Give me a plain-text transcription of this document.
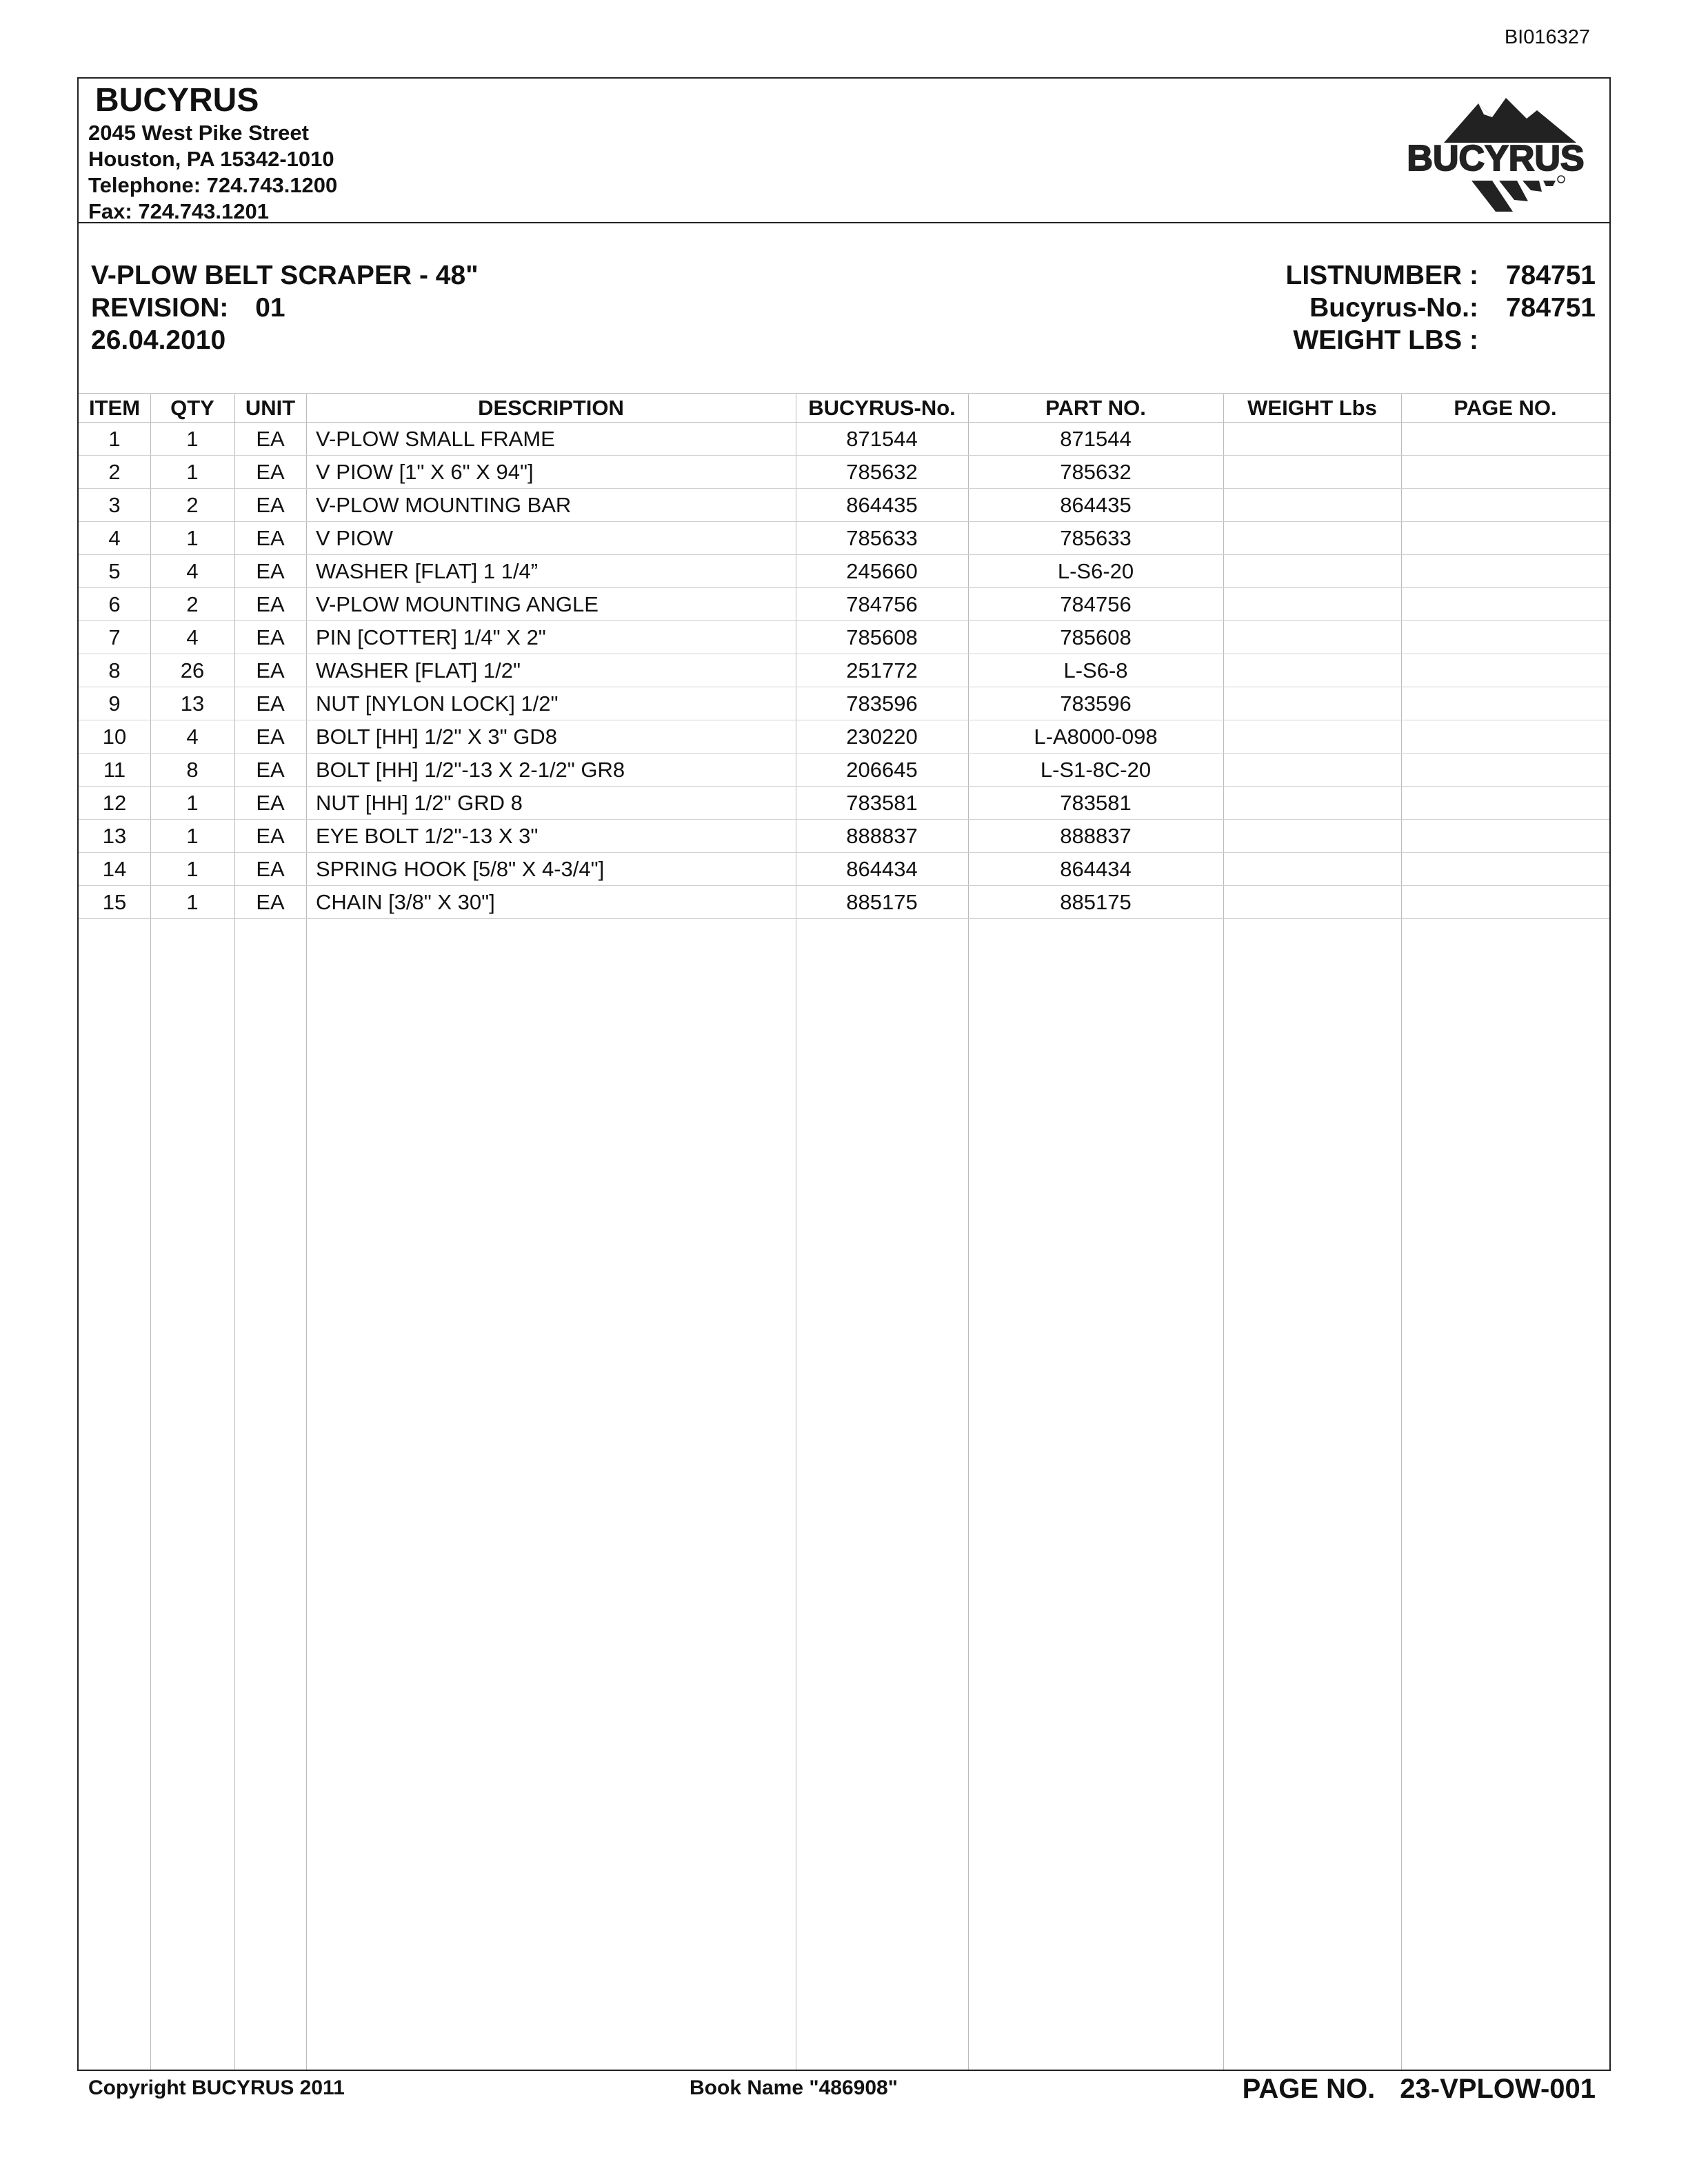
BI016327
BUCYRUS
2045 West Pike Street
Houston, PA 15342-1010
Telephone: 724.743.1200
Fax: 724.743.1201
BUCYRUS
V-PLOW BELT SCRAPER - 48"
REVISION: 01
26.04.2010
LISTNUMBER :	784751
Bucyrus-No.:	784751
WEIGHT LBS :
ITEM	QTY	UNIT	DESCRIPTION	BUCYRUS-No.	PART NO.	WEIGHT Lbs	PAGE NO.
1	1	EA	V-PLOW SMALL FRAME	871544	871544		
2	1	EA	V PIOW [1" X 6" X 94"]	785632	785632		
3	2	EA	V-PLOW MOUNTING BAR	864435	864435		
4	1	EA	V PIOW	785633	785633		
5	4	EA	WASHER [FLAT] 1 1/4”	245660	L-S6-20		
6	2	EA	V-PLOW MOUNTING ANGLE	784756	784756		
7	4	EA	PIN [COTTER] 1/4" X 2"	785608	785608		
8	26	EA	WASHER [FLAT] 1/2"	251772	L-S6-8		
9	13	EA	NUT [NYLON LOCK] 1/2"	783596	783596		
10	4	EA	BOLT [HH] 1/2" X 3" GD8	230220	L-A8000-098		
11	8	EA	BOLT [HH] 1/2"-13 X 2-1/2" GR8	206645	L-S1-8C-20		
12	1	EA	NUT [HH] 1/2" GRD 8	783581	783581		
13	1	EA	EYE BOLT 1/2"-13 X 3"	888837	888837		
14	1	EA	SPRING HOOK [5/8" X 4-3/4"]	864434	864434		
15	1	EA	CHAIN [3/8" X 30"]	885175	885175		
Copyright BUCYRUS 2011	Book Name "486908"	PAGE NO. 23-VPLOW-001
